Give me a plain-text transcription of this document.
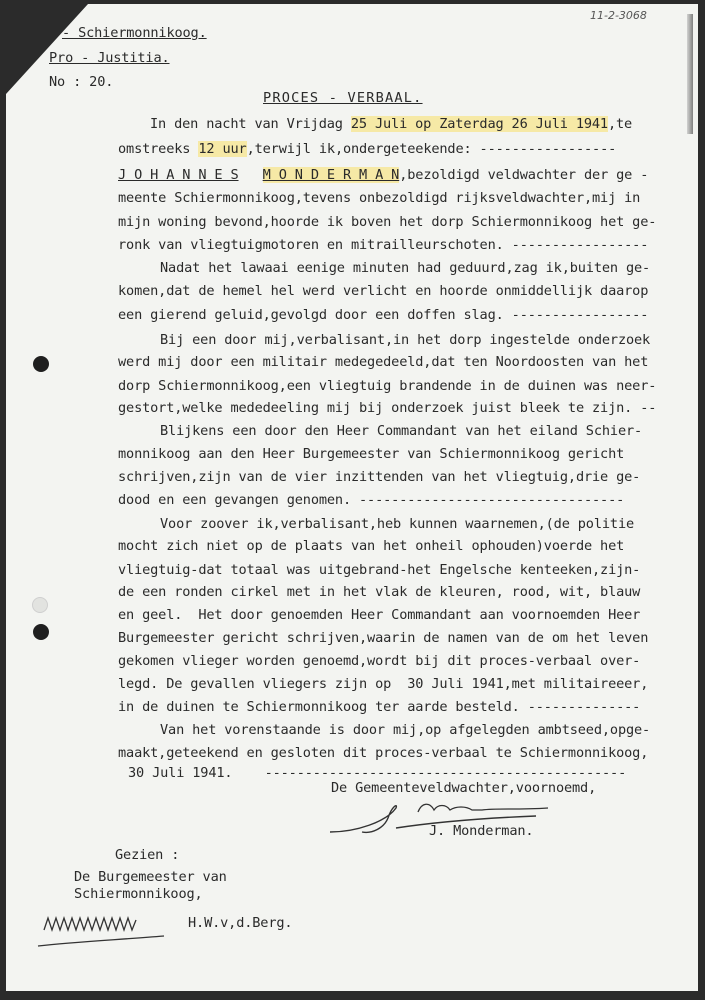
11-2-3068
- Schiermonnikoog.
Pro - Justitia.
No : 20.
PROCES - VERBAAL.
In den nacht van Vrijdag 25 Juli op Zaterdag 26 Juli 1941,te
omstreeks 12 uur,terwijl ik,ondergeteekende: -----------------
J O H A N N E S M O N D E R M A N,bezoldigd veldwachter der ge -
meente Schiermonnikoog,tevens onbezoldigd rijksveldwachter,mij in
mijn woning bevond,hoorde ik boven het dorp Schiermonnikoog het ge-
ronk van vliegtuigmotoren en mitrailleurschoten. -----------------
Nadat het lawaai eenige minuten had geduurd,zag ik,buiten ge-
komen,dat de hemel hel werd verlicht en hoorde onmiddellijk daarop
een gierend geluid,gevolgd door een doffen slag. -----------------
Bij een door mij,verbalisant,in het dorp ingestelde onderzoek
werd mij door een militair medegedeeld,dat ten Noordoosten van het
dorp Schiermonnikoog,een vliegtuig brandende in de duinen was neer-
gestort,welke mededeeling mij bij onderzoek juist bleek te zijn. --
Blijkens een door den Heer Commandant van het eiland Schier-
monnikoog aan den Heer Burgemeester van Schiermonnikoog gericht
schrijven,zijn van de vier inzittenden van het vliegtuig,drie ge-
dood en een gevangen genomen. ---------------------------------
Voor zoover ik,verbalisant,heb kunnen waarnemen,(de politie
mocht zich niet op de plaats van het onheil ophouden)voerde het
vliegtuig-dat totaal was uitgebrand-het Engelsche kenteeken,zijn-
de een ronden cirkel met in het vlak de kleuren, rood, wit, blauw
en geel.  Het door genoemden Heer Commandant aan voornoemden Heer
Burgemeester gericht schrijven,waarin de namen van de om het leven
gekomen vlieger worden genoemd,wordt bij dit proces-verbaal over-
legd. De gevallen vliegers zijn op  30 Juli 1941,met militaireeer,
in de duinen te Schiermonnikoog ter aarde besteld. --------------
Van het vorenstaande is door mij,op afgelegden ambtseed,opge-
maakt,geteekend en gesloten dit proces-verbaal te Schiermonnikoog,
30 Juli 1941.    ---------------------------------------------
De Gemeenteveldwachter,voornoemd,
J. Monderman.
Gezien :
De Burgemeester van
Schiermonnikoog,
H.W.v,d.Berg.
